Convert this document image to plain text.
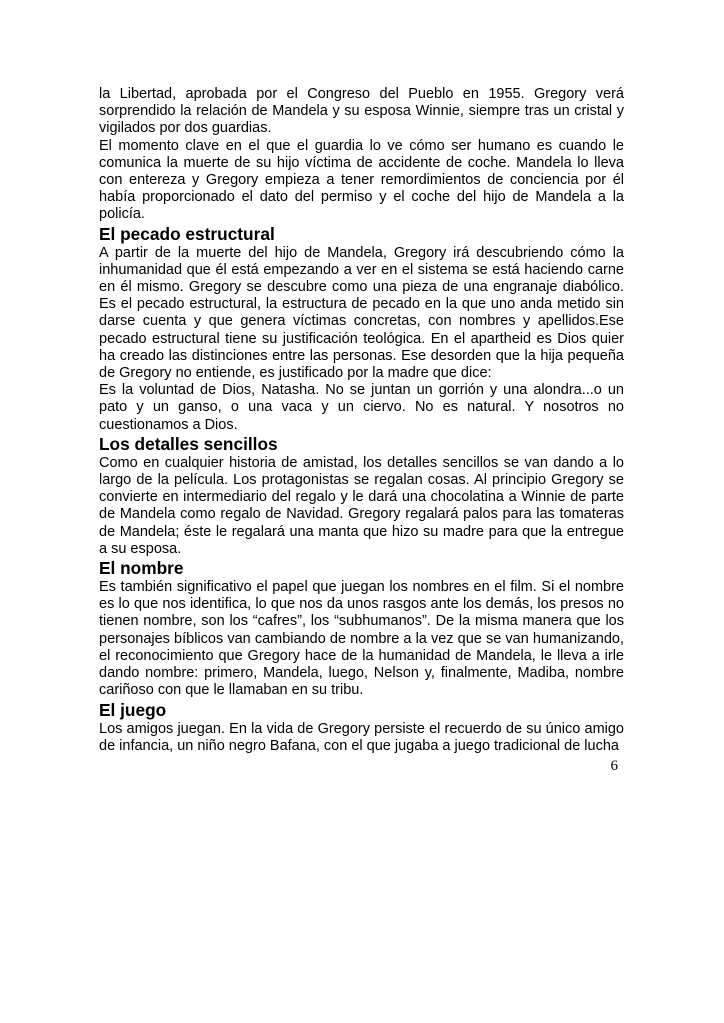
la Libertad, aprobada por el Congreso del Pueblo en 1955. Gregory verá sorprendido la relación de Mandela y su esposa Winnie, siempre tras un cristal y vigilados por dos guardias.

El momento clave en el que el guardia lo ve cómo ser humano es cuando le comunica la muerte de su hijo víctima de accidente de coche. Mandela lo lleva con entereza y Gregory empieza a tener remordimientos de conciencia por él había proporcionado el dato del permiso y el coche del hijo de Mandela a la policía.

El pecado estructural

A partir de la muerte del hijo de Mandela, Gregory irá descubriendo cómo la inhumanidad que él está empezando a ver en el sistema se está haciendo carne en él mismo. Gregory se descubre como una pieza de una engranaje diabólico. Es el pecado estructural, la estructura de pecado en la que uno anda metido sin darse cuenta y que genera víctimas concretas, con nombres y apellidos.Ese pecado estructural tiene su justificación teológica. En el apartheid es Dios quier ha creado las distinciones entre las personas. Ese desorden que la hija pequeña de Gregory no entiende, es justificado por la madre que dice:

Es la voluntad de Dios, Natasha. No se juntan un gorrión y una alondra...o un pato y un ganso, o una vaca y un ciervo. No es natural. Y nosotros no cuestionamos a Dios.

Los detalles sencillos

Como en cualquier historia de amistad, los detalles sencillos se van dando a lo largo de la película. Los protagonistas se regalan cosas. Al principio Gregory se convierte en intermediario del regalo y le dará una chocolatina a Winnie de parte de Mandela como regalo de Navidad. Gregory regalará palos para las tomateras de Mandela; éste le regalará una manta que hizo su madre para que la entregue a su esposa.

El nombre

Es también significativo el papel que juegan los nombres en el film. Si el nombre es lo que nos identifica, lo que nos da unos rasgos ante los demás, los presos no tienen nombre, son los “cafres”, los “subhumanos”. De la misma manera que los personajes bíblicos van cambiando de nombre a la vez que se van humanizando, el reconocimiento que Gregory hace de la humanidad de Mandela, le lleva a irle dando nombre: primero, Mandela, luego, Nelson y, finalmente, Madiba, nombre cariñoso con que le llamaban en su tribu.

El juego

Los amigos juegan. En la vida de Gregory persiste el recuerdo de su único amigo de infancia, un niño negro Bafana, con el que jugaba a juego tradicional de lucha

6
